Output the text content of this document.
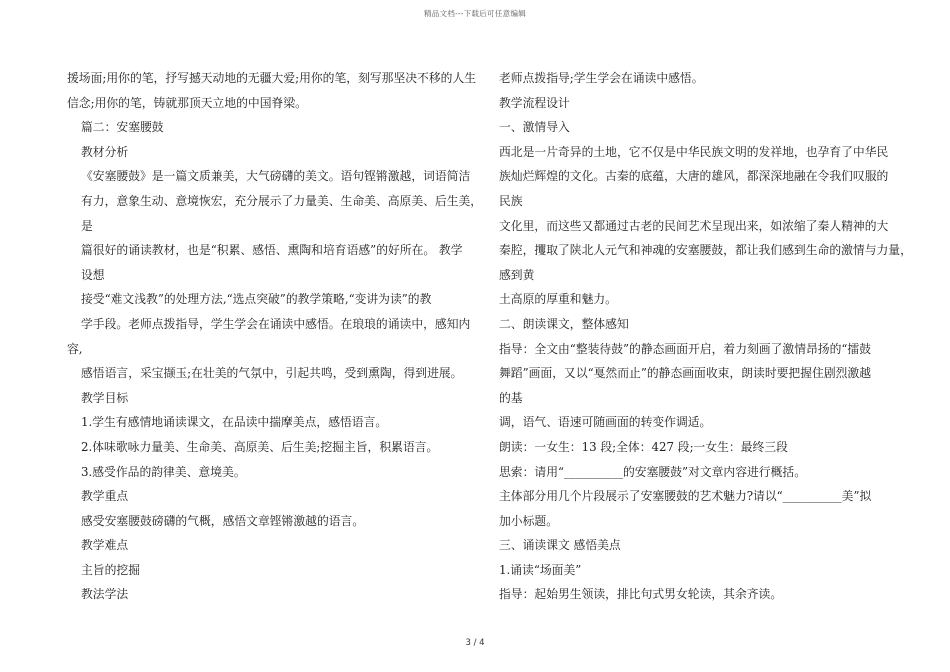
精品文档---下载后可任意编辑
援场面;用你的笔，抒写撼天动地的无疆大爱;用你的笔，刻写那坚决不移的人生
信念;用你的笔，铸就那顶天立地的中国脊梁。
篇二：安塞腰鼓
教材分析
《安塞腰鼓》是一篇文质兼美，大气磅礴的美文。语句铿锵激越，词语简洁
有力，意象生动、意境恢宏，充分展示了力量美、生命美、高原美、后生美，
是
篇很好的诵读教材，也是“积累、感悟、熏陶和培育语感”的好所在。 教学
设想
接受“难文浅教”的处理方法,“选点突破”的教学策略,“变讲为读”的教
学手段。老师点拨指导，学生学会在诵读中感悟。在琅琅的诵读中，感知内
容,
感悟语言，采宝撷玉;在壮美的气氛中，引起共鸣，受到熏陶，得到进展。
教学目标
1.学生有感情地诵读课文，在品读中揣摩美点，感悟语言。
2.体味歌咏力量美、生命美、高原美、后生美;挖掘主旨，积累语言。
3.感受作品的韵律美、意境美。
教学重点
感受安塞腰鼓磅礴的气概，感悟文章铿锵激越的语言。
教学难点
主旨的挖掘
教法学法
老师点拨指导;学生学会在诵读中感悟。
教学流程设计
一、激情导入
西北是一片奇异的土地，它不仅是中华民族文明的发祥地，也孕育了中华民
族灿烂辉煌的文化。古秦的底蕴，大唐的雄风，都深深地融在令我们叹服的
民族
文化里，而这些又都通过古老的民间艺术呈现出来，如浓缩了秦人精神的大
秦腔，攫取了陕北人元气和神魂的安塞腰鼓，都让我们感到生命的激情与力量，
感到黄
土高原的厚重和魅力。
二、朗读课文，整体感知
指导：全文由“整装待鼓”的静态画面开启，着力刻画了激情昂扬的“擂鼓
舞蹈”画面，又以“戛然而止”的静态画面收束，朗读时要把握住剧烈激越
的基
调，语气、语速可随画面的转变作调适。
朗读：一女生：13 段;全体：427 段;一女生：最终三段
思索：请用“__________的安塞腰鼓”对文章内容进行概括。
主体部分用几个片段展示了安塞腰鼓的艺术魅力?请以“__________美”拟
加小标题。
三、诵读课文 感悟美点
1.诵读“场面美”
指导：起始男生领读，排比句式男女轮读，其余齐读。
3 / 4
